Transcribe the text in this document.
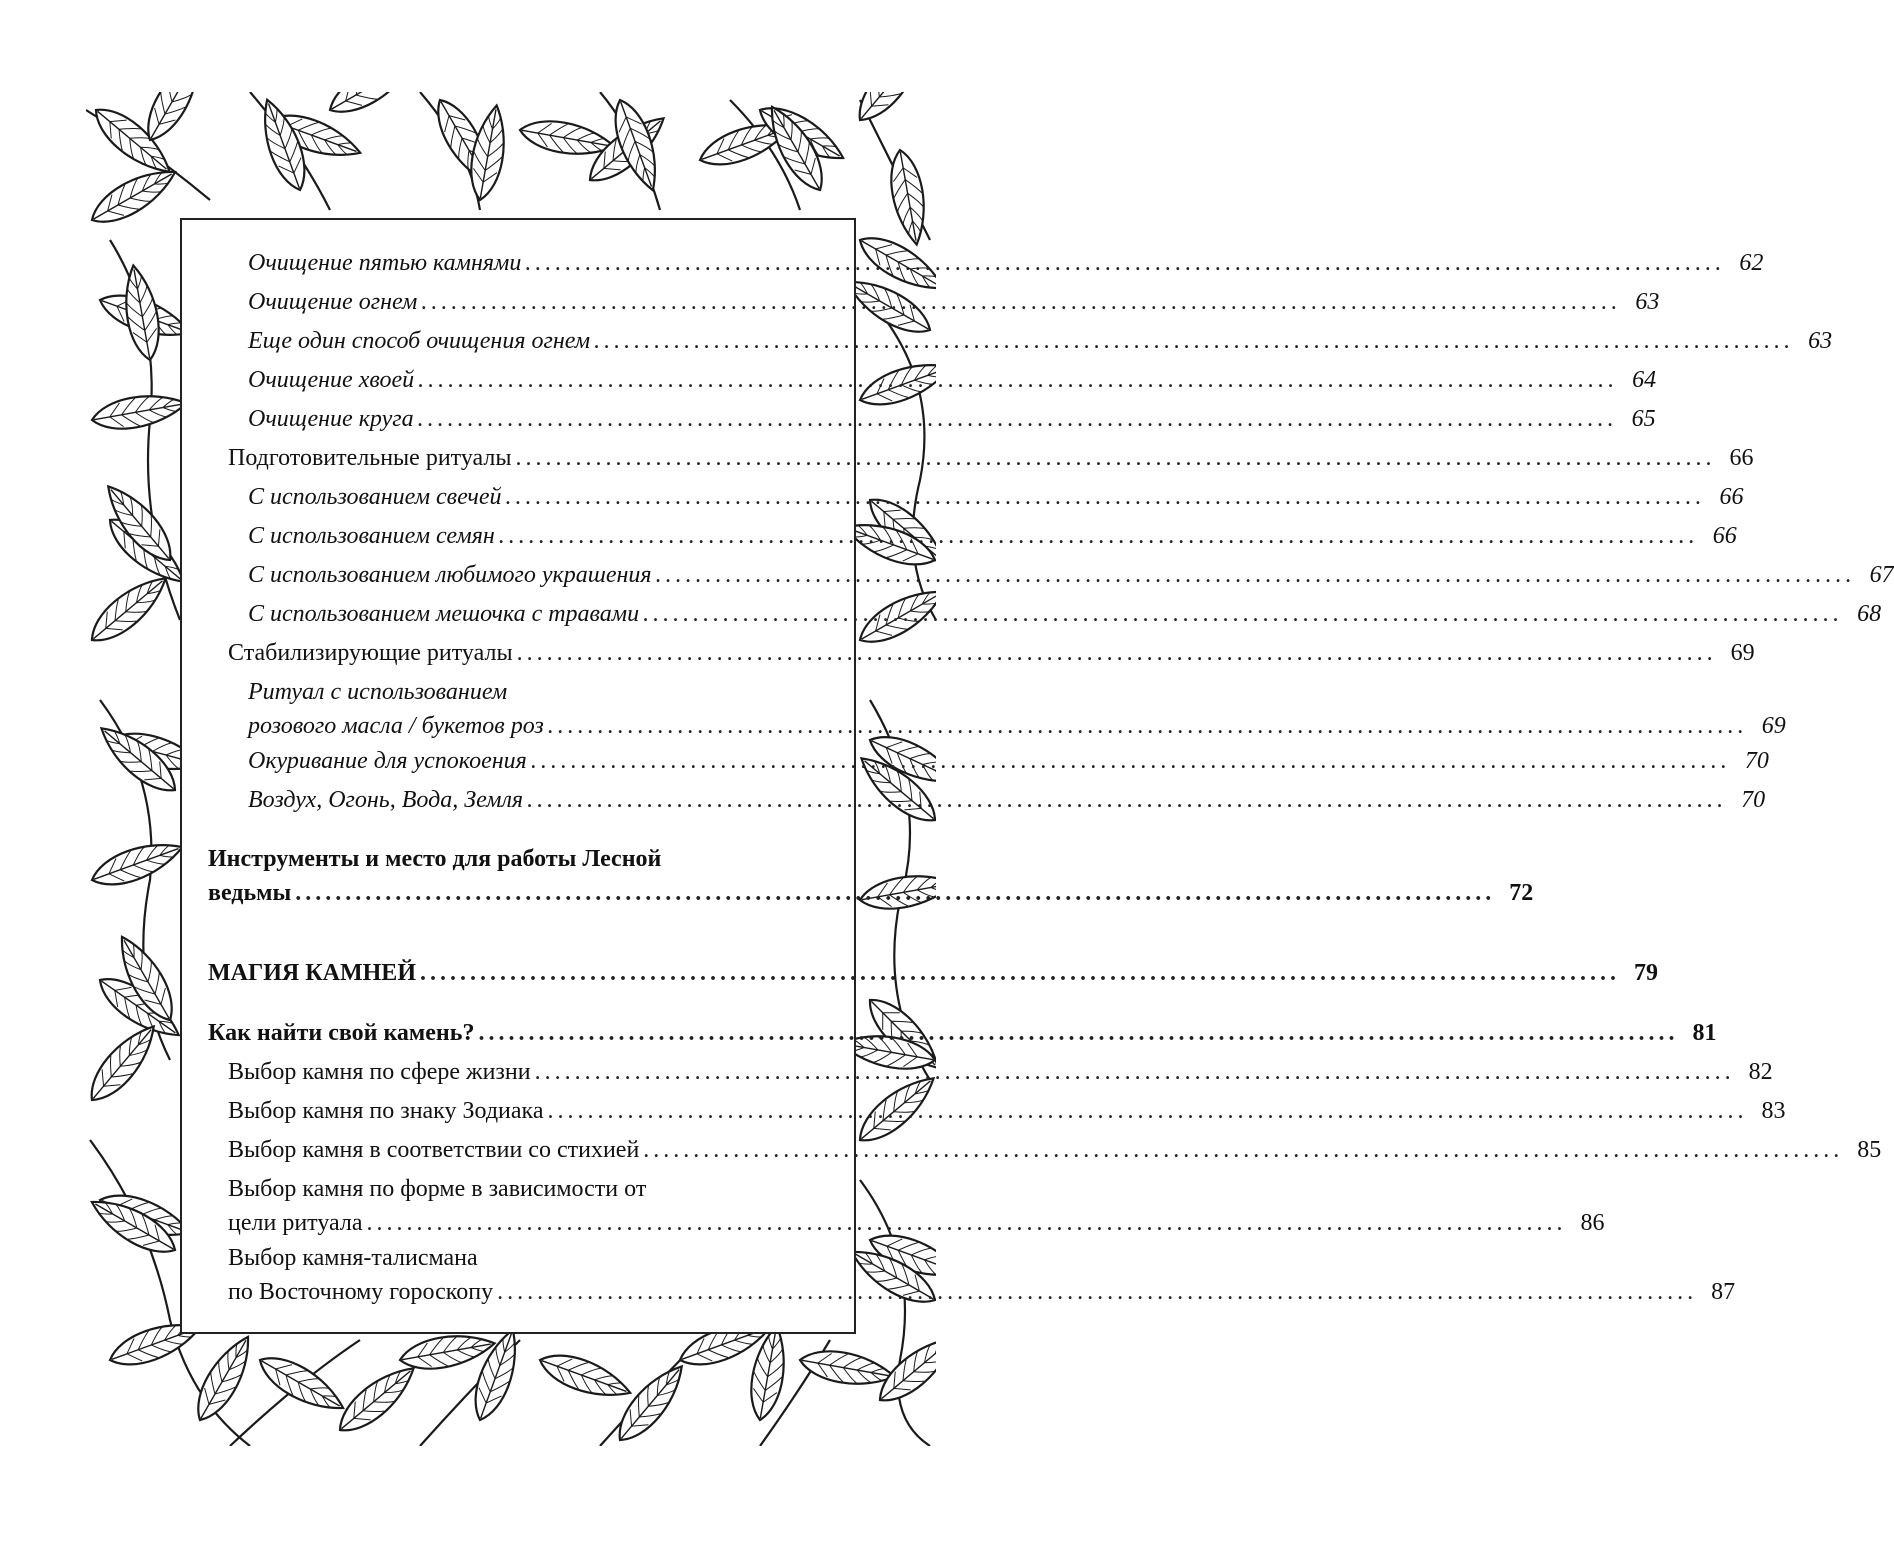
Очищение пятью камнями ........................................................................................................................ 62
Очищение огнем ........................................................................................................................ 63
Еще один способ очищения огнем ........................................................................................................................ 63
Очищение хвоей ........................................................................................................................ 64
Очищение круга ........................................................................................................................ 65
Подготовительные ритуалы ........................................................................................................................ 66
С использованием свечей ........................................................................................................................ 66
С использованием семян ........................................................................................................................ 66
С использованием любимого украшения ........................................................................................................................ 67
С использованием мешочка с травами ........................................................................................................................ 68
Стабилизирующие ритуалы ........................................................................................................................ 69
Ритуал с использованием
розового масла / букетов роз ........................................................................................................................ 69
Окуривание для успокоения ........................................................................................................................ 70
Воздух, Огонь, Вода, Земля ........................................................................................................................ 70
Инструменты и место для работы Лесной
ведьмы ........................................................................................................................ 72
МАГИЯ КАМНЕЙ ........................................................................................................................ 79
Как найти свой камень? ........................................................................................................................ 81
Выбор камня по сфере жизни ........................................................................................................................ 82
Выбор камня по знаку Зодиака ........................................................................................................................ 83
Выбор камня в соответствии со стихией ........................................................................................................................ 85
Выбор камня по форме в зависимости от
цели ритуала ........................................................................................................................ 86
Выбор камня-талисмана
по Восточному гороскопу ........................................................................................................................ 87
